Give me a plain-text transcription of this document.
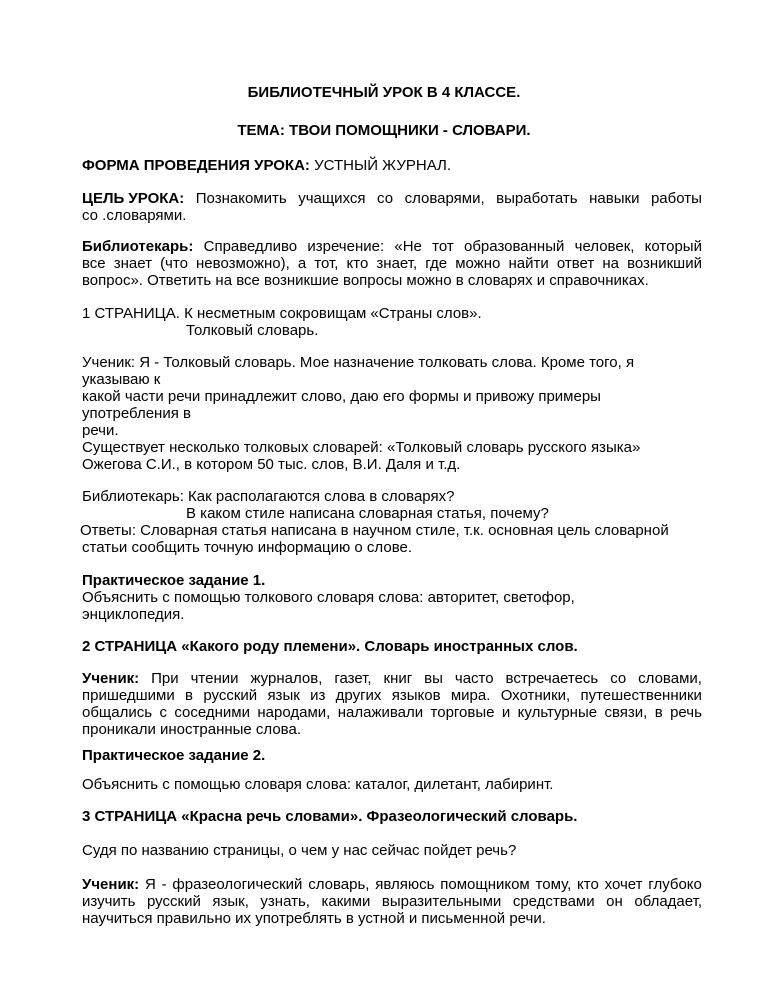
БИБЛИОТЕЧНЫЙ УРОК В 4 КЛАССЕ.

ТЕМА: ТВОИ ПОМОЩНИКИ - СЛОВАРИ.

ФОРМА ПРОВЕДЕНИЯ УРОКА: УСТНЫЙ ЖУРНАЛ.

ЦЕЛЬ УРОКА: Познакомить учащихся со словарями, выработать навыки работы

со .словарями.

Библиотекарь: Справедливо изречение: «Не тот образованный человек, который
все знает (что невозможно), а тот, кто знает, где можно найти ответ на возникший

вопрос». Ответить на все возникшие вопросы можно в словарях и справочниках.

1 СТРАНИЦА. К несметным сокровищам «Страны слов».

Толковый словарь.

Ученик: Я - Толковый словарь. Мое назначение толковать слова. Кроме того, я

указываю к

какой части речи принадлежит слово, даю его формы и привожу примеры

употребления в

речи.

Существует несколько толковых словарей: «Толковый словарь русского языка»

Ожегова С.И., в котором 50 тыс. слов, В.И. Даля и т.д.

Библиотекарь: Как располагаются слова в словарях?

В каком стиле написана словарная статья, почему?

Ответы: Словарная статья написана в научном стиле, т.к. основная цель словарной

статьи сообщить точную информацию о слове.

Практическое задание 1.

Объяснить с помощью толкового словаря слова: авторитет, светофор,

энциклопедия.

2 СТРАНИЦА «Какого роду племени». Словарь иностранных слов.

Ученик: При чтении журналов, газет, книг вы часто встречаетесь со словами,
пришедшими в русский язык из других языков мира. Охотники, путешественники
общались с соседними народами, налаживали торговые и культурные связи, в речь

проникали иностранные слова.

Практическое задание 2.

Объяснить с помощью словаря слова: каталог, дилетант, лабиринт.

3 СТРАНИЦА «Красна речь словами». Фразеологический словарь.

Судя по названию страницы, о чем у нас сейчас пойдет речь?

Ученик: Я - фразеологический словарь, являюсь помощником тому, кто хочет глубоко
изучить русский язык, узнать, какими выразительными средствами он обладает,

научиться правильно их употреблять в устной и письменной речи.
